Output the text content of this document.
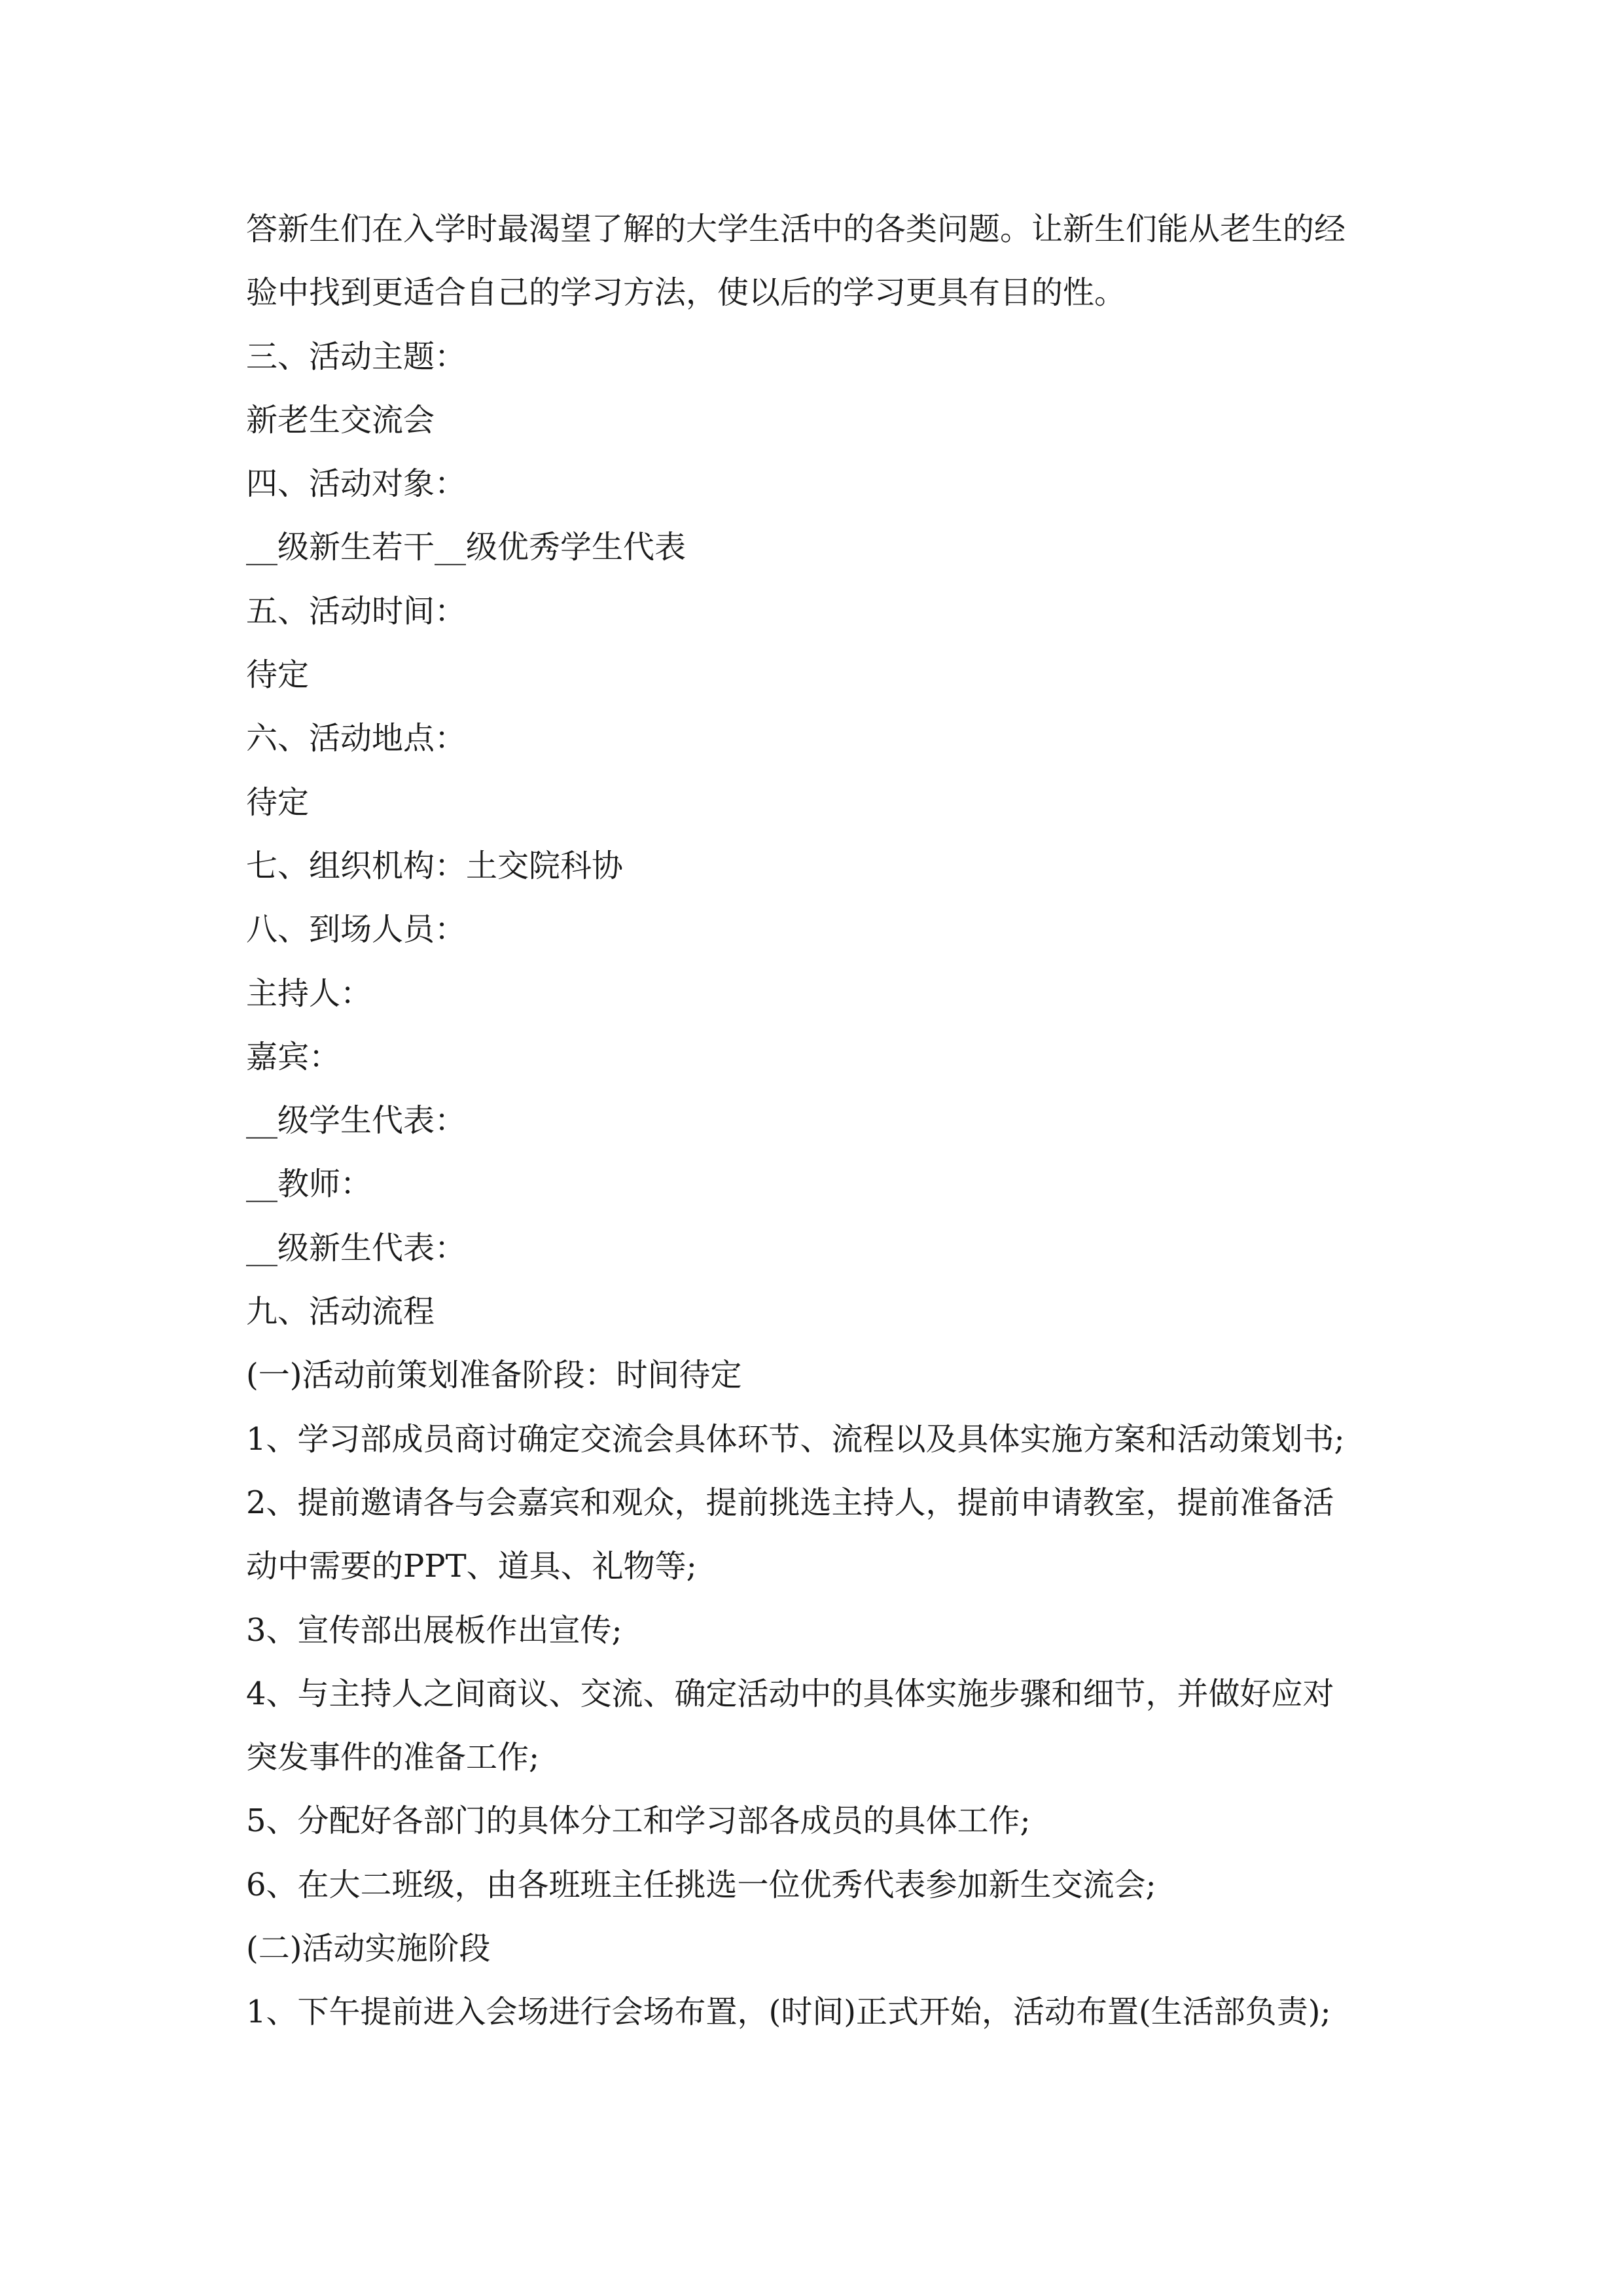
答新生们在入学时最渴望了解的大学生活中的各类问题。让新生们能从老生的经
验中找到更适合自己的学习方法，使以后的学习更具有目的性。
三、活动主题：
新老生交流会
四、活动对象：
__级新生若干__级优秀学生代表
五、活动时间：
待定
六、活动地点：
待定
七、组织机构：土交院科协
八、到场人员：
主持人：
嘉宾：
__级学生代表：
__教师：
__级新生代表：
九、活动流程
(一)活动前策划准备阶段：时间待定
1、学习部成员商讨确定交流会具体环节、流程以及具体实施方案和活动策划书;
2、提前邀请各与会嘉宾和观众，提前挑选主持人，提前申请教室，提前准备活
动中需要的PPT、道具、礼物等;
3、宣传部出展板作出宣传;
4、与主持人之间商议、交流、确定活动中的具体实施步骤和细节，并做好应对
突发事件的准备工作;
5、分配好各部门的具体分工和学习部各成员的具体工作;
6、在大二班级，由各班班主任挑选一位优秀代表参加新生交流会;
(二)活动实施阶段
1、下午提前进入会场进行会场布置，(时间)正式开始，活动布置(生活部负责);
